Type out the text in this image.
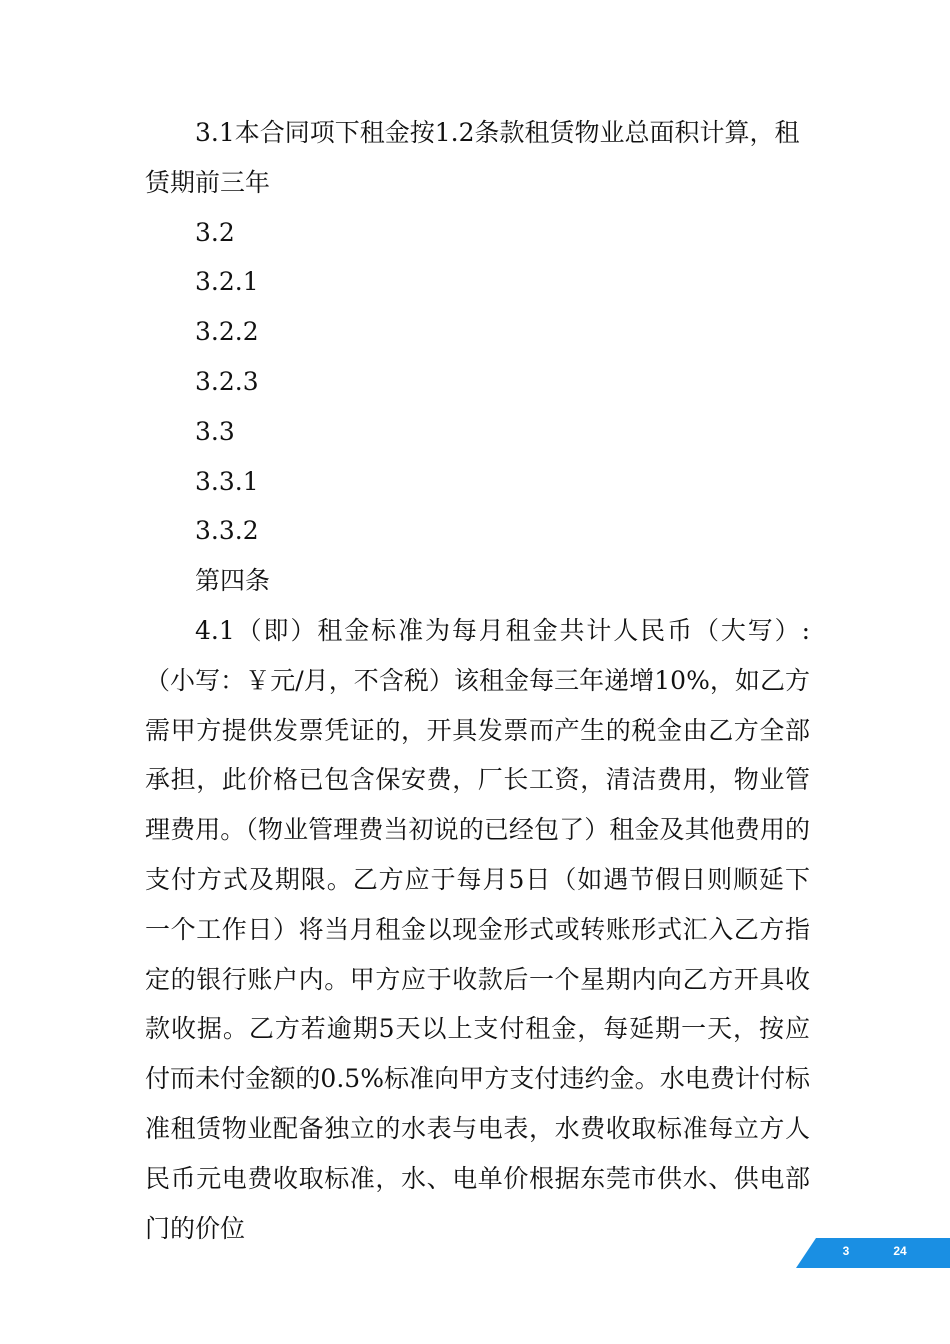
3.1本合同项下租金按1.2条款租赁物业总面积计算，租赁期前三年

3.2

3.2.1

3.2.2

3.2.3

3.3

3.3.1

3.3.2

第四条

4.1（即）租金标准为每月租金共计人民币（大写）:（小写：￥元/月，不含税）该租金每三年递增10%，如乙方需甲方提供发票凭证的，开具发票而产生的税金由乙方全部承担，此价格已包含保安费，厂长工资，清洁费用，物业管理费用。（物业管理费当初说的已经包了）租金及其他费用的支付方式及期限。乙方应于每月5日（如遇节假日则顺延下一个工作日）将当月租金以现金形式或转账形式汇入乙方指定的银行账户内。甲方应于收款后一个星期内向乙方开具收款收据。乙方若逾期5天以上支付租金，每延期一天，按应付而未付金额的0.5%标准向甲方支付违约金。水电费计付标准租赁物业配备独立的水表与电表，水费收取标准每立方人民币元电费收取标准，水、电单价根据东莞市供水、供电部门的价位

3	24
